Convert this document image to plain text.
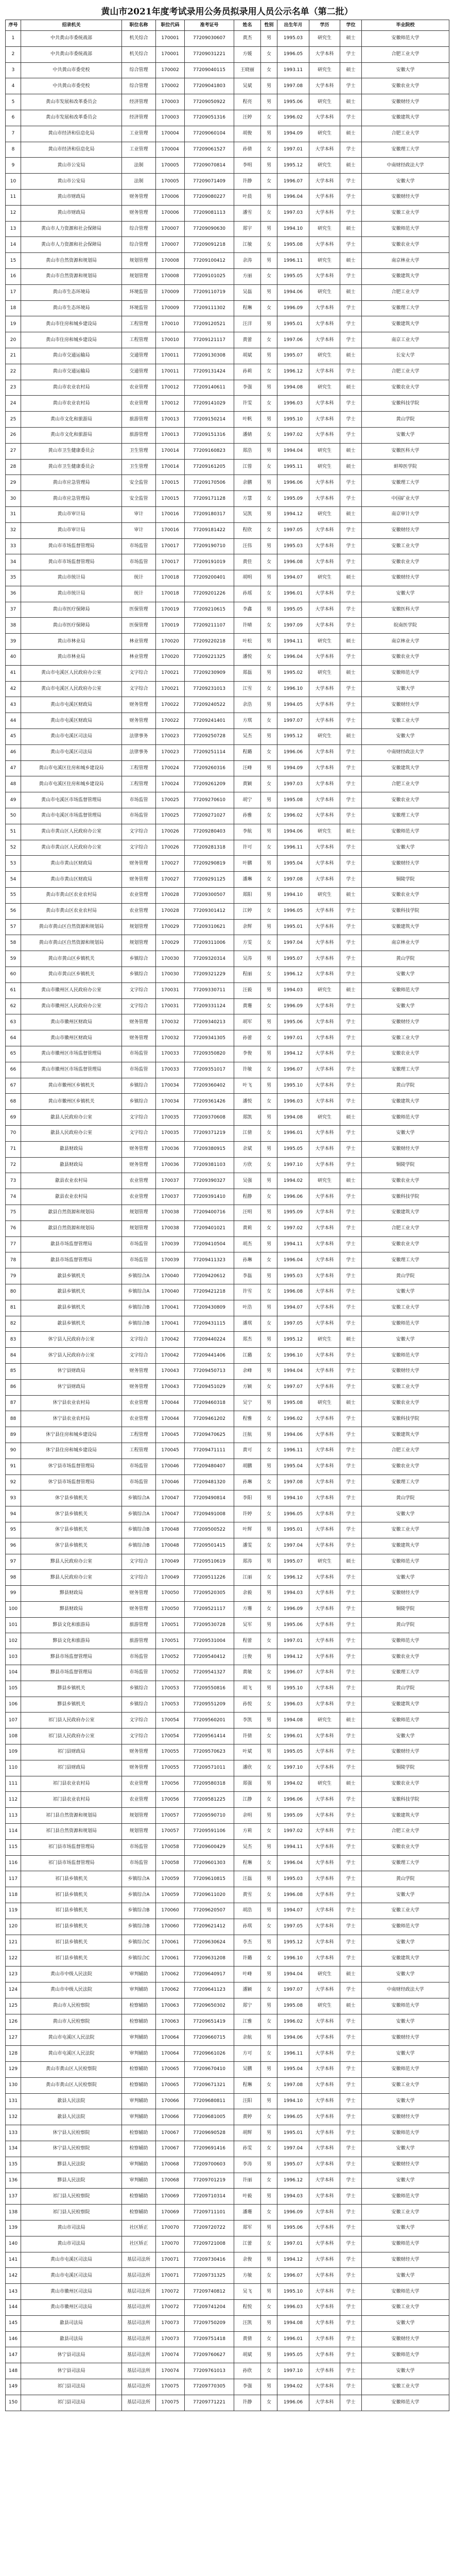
黄山市2021年度考试录用公务员拟录用人员公示名单（第二批）
序号	招录机关	职位名称	职位代码	准考证号	姓名	性别	出生年月	学历	学位	毕业院校
1	中共黄山市委统战部	机关综合	170001	77209030607	黄杰	男	1995.03	研究生	硕士	安徽师范大学
2	中共黄山市委统战部	机关综合	170001	77209031221	方媛	女	1996.05	大学本科	学士	合肥工业大学
3	中共黄山市委党校	综合管理	170002	77209040115	王晓丽	女	1993.11	研究生	硕士	安徽大学
4	中共黄山市委党校	综合管理	170002	77209041803	吴斌	男	1997.08	大学本科	学士	安徽农业大学
5	黄山市发展和改革委员会	经济管理	170003	77209050922	程亮	男	1995.06	研究生	硕士	安徽财经大学
6	黄山市发展和改革委员会	经济管理	170003	77209051316	汪婷	女	1996.02	大学本科	学士	安徽建筑大学
7	黄山市经济和信息化局	工业管理	170004	77209060104	胡俊	男	1994.09	研究生	硕士	合肥工业大学
8	黄山市经济和信息化局	工业管理	170004	77209061527	孙倩	女	1997.01	大学本科	学士	安徽理工大学
9	黄山市公安局	法制	170005	77209070814	李明	男	1995.12	研究生	硕士	中南财经政法大学
10	黄山市公安局	法制	170005	77209071409	许静	女	1996.07	大学本科	学士	安徽大学
11	黄山市财政局	财务管理	170006	77209080227	叶晨	男	1996.04	大学本科	学士	安徽财经大学
12	黄山市财政局	财务管理	170006	77209081113	潘雪	女	1997.03	大学本科	学士	安徽工业大学
13	黄山市人力资源和社会保障局	综合管理	170007	77209090630	郑宇	男	1994.10	研究生	硕士	安徽师范大学
14	黄山市人力资源和社会保障局	综合管理	170007	77209091218	江敏	女	1995.08	大学本科	学士	安徽农业大学
15	黄山市自然资源和规划局	规划管理	170008	77209100412	余涛	男	1996.11	研究生	硕士	南京林业大学
16	黄山市自然资源和规划局	规划管理	170008	77209101025	方丽	女	1995.05	大学本科	学士	安徽建筑大学
17	黄山市生态环境局	环境监管	170009	77209110719	吴磊	男	1994.06	研究生	硕士	合肥工业大学
18	黄山市生态环境局	环境监管	170009	77209111302	程琳	女	1996.09	大学本科	学士	安徽理工大学
19	黄山市住房和城乡建设局	工程管理	170010	77209120521	汪洋	男	1995.01	大学本科	学士	安徽建筑大学
20	黄山市住房和城乡建设局	工程管理	170010	77209121117	黄蕾	女	1997.06	大学本科	学士	南京工业大学
21	黄山市交通运输局	交通管理	170011	77209130308	胡斌	男	1995.07	研究生	硕士	长安大学
22	黄山市交通运输局	交通管理	170011	77209131424	孙莉	女	1996.12	大学本科	学士	合肥工业大学
23	黄山市农业农村局	农业管理	170012	77209140611	李强	男	1994.08	研究生	硕士	安徽农业大学
24	黄山市农业农村局	农业管理	170012	77209141029	许雯	女	1996.03	大学本科	学士	安徽科技学院
25	黄山市文化和旅游局	旅游管理	170013	77209150214	叶帆	男	1995.10	大学本科	学士	黄山学院
26	黄山市文化和旅游局	旅游管理	170013	77209151316	潘婧	女	1997.02	大学本科	学士	安徽大学
27	黄山市卫生健康委员会	卫生管理	170014	77209160823	郑浩	男	1994.04	研究生	硕士	安徽医科大学
28	黄山市卫生健康委员会	卫生管理	170014	77209161205	江蓉	女	1995.11	研究生	硕士	蚌埠医学院
29	黄山市应急管理局	安全监管	170015	77209170506	余鹏	男	1996.06	大学本科	学士	安徽理工大学
30	黄山市应急管理局	安全监管	170015	77209171128	方慧	女	1995.09	大学本科	学士	中国矿业大学
31	黄山市审计局	审计	170016	77209180317	吴凯	男	1994.12	研究生	硕士	南京审计大学
32	黄山市审计局	审计	170016	77209181422	程欣	女	1997.05	大学本科	学士	安徽财经大学
33	黄山市市场监督管理局	市场监管	170017	77209190710	汪伟	男	1995.03	大学本科	学士	安徽工业大学
34	黄山市市场监督管理局	市场监管	170017	77209191019	黄佳	女	1996.08	大学本科	学士	安徽农业大学
35	黄山市统计局	统计	170018	77209200401	胡明	男	1994.07	研究生	硕士	安徽财经大学
36	黄山市统计局	统计	170018	77209201226	孙瑶	女	1996.01	大学本科	学士	安徽大学
37	黄山市医疗保障局	医保管理	170019	77209210615	李鑫	男	1995.05	大学本科	学士	安徽医科大学
38	黄山市医疗保障局	医保管理	170019	77209211107	许晴	女	1997.09	大学本科	学士	皖南医学院
39	黄山市林业局	林业管理	170020	77209220218	叶松	男	1994.11	研究生	硕士	南京林业大学
40	黄山市林业局	林业管理	170020	77209221325	潘悦	女	1996.04	大学本科	学士	安徽农业大学
41	黄山市屯溪区人民政府办公室	文字综合	170021	77209230909	郑磊	男	1995.02	研究生	硕士	安徽师范大学
42	黄山市屯溪区人民政府办公室	文字综合	170021	77209231013	江雪	女	1996.10	大学本科	学士	安徽大学
43	黄山市屯溪区财政局	财务管理	170022	77209240522	余浩	男	1994.05	大学本科	学士	安徽财经大学
44	黄山市屯溪区财政局	财务管理	170022	77209241401	方琪	女	1997.07	大学本科	学士	安徽工业大学
45	黄山市屯溪区司法局	法律事务	170023	77209250728	吴杰	男	1995.12	研究生	硕士	安徽大学
46	黄山市屯溪区司法局	法律事务	170023	77209251114	程璐	女	1996.06	大学本科	学士	中南财经政法大学
47	黄山市屯溪区住房和城乡建设局	工程管理	170024	77209260316	汪峰	男	1994.09	大学本科	学士	安徽建筑大学
48	黄山市屯溪区住房和城乡建设局	工程管理	170024	77209261209	黄颖	女	1997.03	大学本科	学士	合肥工业大学
49	黄山市屯溪区市场监督管理局	市场监管	170025	77209270610	胡宁	男	1995.08	大学本科	学士	安徽农业大学
50	黄山市屯溪区市场监督管理局	市场监管	170025	77209271027	孙雅	女	1996.02	大学本科	学士	安徽理工大学
51	黄山市黄山区人民政府办公室	文字综合	170026	77209280403	李航	男	1994.06	研究生	硕士	安徽师范大学
52	黄山市黄山区人民政府办公室	文字综合	170026	77209281318	许可	女	1996.11	大学本科	学士	安徽大学
53	黄山市黄山区财政局	财务管理	170027	77209290819	叶鹏	男	1995.04	大学本科	学士	安徽财经大学
54	黄山市黄山区财政局	财务管理	170027	77209291125	潘琳	女	1997.08	大学本科	学士	铜陵学院
55	黄山市黄山区农业农村局	农业管理	170028	77209300507	郑阳	男	1994.10	研究生	硕士	安徽农业大学
56	黄山市黄山区农业农村局	农业管理	170028	77209301412	江婷	女	1996.05	大学本科	学士	安徽科技学院
57	黄山市黄山区自然资源和规划局	规划管理	170029	77209310621	余辉	男	1995.01	大学本科	学士	安徽建筑大学
58	黄山市黄山区自然资源和规划局	规划管理	170029	77209311006	方雯	女	1997.04	大学本科	学士	南京林业大学
59	黄山市黄山区乡镇机关	乡镇综合	170030	77209320314	吴涛	男	1995.07	大学本科	学士	黄山学院
60	黄山市黄山区乡镇机关	乡镇综合	170030	77209321229	程丽	女	1996.12	大学本科	学士	安徽大学
61	黄山市徽州区人民政府办公室	文字综合	170031	77209330711	汪毅	男	1994.03	研究生	硕士	安徽师范大学
62	黄山市徽州区人民政府办公室	文字综合	170031	77209331124	黄珊	女	1996.09	大学本科	学士	安徽大学
63	黄山市徽州区财政局	财务管理	170032	77209340213	胡军	男	1995.06	大学本科	学士	安徽财经大学
64	黄山市徽州区财政局	财务管理	170032	77209341305	孙蕾	女	1997.01	大学本科	学士	安徽工业大学
65	黄山市徽州区市场监督管理局	市场监管	170033	77209350820	李俊	男	1994.12	大学本科	学士	安徽农业大学
66	黄山市徽州区市场监督管理局	市场监管	170033	77209351017	许敏	女	1996.07	大学本科	学士	安徽理工大学
67	黄山市徽州区乡镇机关	乡镇综合	170034	77209360402	叶飞	男	1995.10	大学本科	学士	黄山学院
68	黄山市徽州区乡镇机关	乡镇综合	170034	77209361426	潘悦	女	1996.03	大学本科	学士	安徽建筑大学
69	歙县人民政府办公室	文字综合	170035	77209370608	郑凯	男	1994.08	研究生	硕士	安徽师范大学
70	歙县人民政府办公室	文字综合	170035	77209371219	江倩	女	1996.01	大学本科	学士	安徽大学
71	歙县财政局	财务管理	170036	77209380915	余斌	男	1995.05	大学本科	学士	安徽财经大学
72	歙县财政局	财务管理	170036	77209381103	方欣	女	1997.10	大学本科	学士	铜陵学院
73	歙县农业农村局	农业管理	170037	77209390327	吴强	男	1994.02	研究生	硕士	安徽农业大学
74	歙县农业农村局	农业管理	170037	77209391410	程静	女	1996.06	大学本科	学士	安徽科技学院
75	歙县自然资源和规划局	规划管理	170038	77209400716	汪明	男	1995.09	大学本科	学士	安徽建筑大学
76	歙县自然资源和规划局	规划管理	170038	77209401021	黄莉	女	1997.02	大学本科	学士	合肥工业大学
77	歙县市场监督管理局	市场监管	170039	77209410504	胡杰	男	1994.11	大学本科	学士	安徽农业大学
78	歙县市场监督管理局	市场监管	170039	77209411323	孙琳	女	1996.04	大学本科	学士	安徽理工大学
79	歙县乡镇机关	乡镇综合A	170040	77209420612	李磊	男	1995.03	大学本科	学士	黄山学院
80	歙县乡镇机关	乡镇综合A	170040	77209421218	许雪	女	1996.08	大学本科	学士	安徽大学
81	歙县乡镇机关	乡镇综合B	170041	77209430809	叶浩	男	1994.07	大学本科	学士	安徽工业大学
82	歙县乡镇机关	乡镇综合B	170041	77209431115	潘琪	女	1997.05	大学本科	学士	安徽师范大学
83	休宁县人民政府办公室	文字综合	170042	77209440224	郑杰	男	1995.12	研究生	硕士	安徽大学
84	休宁县人民政府办公室	文字综合	170042	77209441406	江璐	女	1996.10	大学本科	学士	安徽师范大学
85	休宁县财政局	财务管理	170043	77209450713	余峰	男	1994.04	大学本科	学士	安徽财经大学
86	休宁县财政局	财务管理	170043	77209451029	方颖	女	1997.07	大学本科	学士	安徽工业大学
87	休宁县农业农村局	农业管理	170044	77209460318	吴宁	男	1995.08	研究生	硕士	安徽农业大学
88	休宁县农业农村局	农业管理	170044	77209461202	程雅	女	1996.02	大学本科	学士	安徽科技学院
89	休宁县住房和城乡建设局	工程管理	170045	77209470625	汪航	男	1994.06	大学本科	学士	安徽建筑大学
90	休宁县住房和城乡建设局	工程管理	170045	77209471111	黄可	女	1996.11	大学本科	学士	合肥工业大学
91	休宁县市场监督管理局	市场监管	170046	77209480407	胡鹏	男	1995.04	大学本科	学士	安徽农业大学
92	休宁县市场监督管理局	市场监管	170046	77209481320	孙琳	女	1997.08	大学本科	学士	安徽理工大学
93	休宁县乡镇机关	乡镇综合A	170047	77209490814	李阳	男	1994.10	大学本科	学士	黄山学院
94	休宁县乡镇机关	乡镇综合A	170047	77209491008	许婷	女	1996.05	大学本科	学士	安徽大学
95	休宁县乡镇机关	乡镇综合B	170048	77209500522	叶辉	男	1995.01	大学本科	学士	安徽工业大学
96	休宁县乡镇机关	乡镇综合B	170048	77209501415	潘雯	女	1997.04	大学本科	学士	安徽建筑大学
97	黟县人民政府办公室	文字综合	170049	77209510619	郑涛	男	1995.07	研究生	硕士	安徽师范大学
98	黟县人民政府办公室	文字综合	170049	77209511226	江丽	女	1996.12	大学本科	学士	安徽大学
99	黟县财政局	财务管理	170050	77209520305	余毅	男	1994.03	大学本科	学士	安徽财经大学
100	黟县财政局	财务管理	170050	77209521117	方珊	女	1996.09	大学本科	学士	铜陵学院
101	黟县文化和旅游局	旅游管理	170051	77209530728	吴军	男	1995.06	大学本科	学士	黄山学院
102	黟县文化和旅游局	旅游管理	170051	77209531004	程蕾	女	1997.01	大学本科	学士	安徽师范大学
103	黟县市场监督管理局	市场监管	170052	77209540412	汪俊	男	1994.12	大学本科	学士	安徽农业大学
104	黟县市场监督管理局	市场监管	170052	77209541327	黄敏	女	1996.07	大学本科	学士	安徽理工大学
105	黟县乡镇机关	乡镇综合	170053	77209550816	胡飞	男	1995.10	大学本科	学士	黄山学院
106	黟县乡镇机关	乡镇综合	170053	77209551209	孙悦	女	1996.03	大学本科	学士	安徽建筑大学
107	祁门县人民政府办公室	文字综合	170054	77209560201	李凯	男	1994.08	研究生	硕士	安徽师范大学
108	祁门县人民政府办公室	文字综合	170054	77209561414	许倩	女	1996.01	大学本科	学士	安徽大学
109	祁门县财政局	财务管理	170055	77209570623	叶斌	男	1995.05	大学本科	学士	安徽财经大学
110	祁门县财政局	财务管理	170055	77209571011	潘欣	女	1997.10	大学本科	学士	铜陵学院
111	祁门县农业农村局	农业管理	170056	77209580318	郑强	男	1994.02	研究生	硕士	安徽农业大学
112	祁门县农业农村局	农业管理	170056	77209581225	江静	女	1996.06	大学本科	学士	安徽科技学院
113	祁门县自然资源和规划局	规划管理	170057	77209590710	余明	男	1995.09	大学本科	学士	安徽建筑大学
114	祁门县自然资源和规划局	规划管理	170057	77209591106	方莉	女	1997.02	大学本科	学士	合肥工业大学
115	祁门县市场监督管理局	市场监管	170058	77209600429	吴杰	男	1994.11	大学本科	学士	安徽农业大学
116	祁门县市场监督管理局	市场监管	170058	77209601303	程琳	女	1996.04	大学本科	学士	安徽理工大学
117	祁门县乡镇机关	乡镇综合A	170059	77209610815	汪磊	男	1995.03	大学本科	学士	黄山学院
118	祁门县乡镇机关	乡镇综合A	170059	77209611020	黄雪	女	1996.08	大学本科	学士	安徽大学
119	祁门县乡镇机关	乡镇综合B	170060	77209620507	胡浩	男	1994.07	大学本科	学士	安徽工业大学
120	祁门县乡镇机关	乡镇综合B	170060	77209621412	孙琪	女	1997.05	大学本科	学士	安徽师范大学
121	祁门县乡镇机关	乡镇综合C	170061	77209630624	李杰	男	1995.12	大学本科	学士	安徽大学
122	祁门县乡镇机关	乡镇综合C	170061	77209631208	许璐	女	1996.10	大学本科	学士	安徽建筑大学
123	黄山市中级人民法院	审判辅助	170062	77209640917	叶峰	男	1994.04	研究生	硕士	安徽大学
124	黄山市中级人民法院	审判辅助	170062	77209641123	潘颖	女	1997.07	大学本科	学士	中南财经政法大学
125	黄山市人民检察院	检察辅助	170063	77209650302	郑宁	男	1995.08	研究生	硕士	安徽师范大学
126	黄山市人民检察院	检察辅助	170063	77209651419	江雅	女	1996.02	大学本科	学士	安徽大学
127	黄山市屯溪区人民法院	审判辅助	170064	77209660715	余航	男	1994.06	大学本科	学士	安徽财经大学
128	黄山市屯溪区人民法院	审判辅助	170064	77209661026	方可	女	1996.11	大学本科	学士	安徽大学
129	黄山市黄山区人民检察院	检察辅助	170065	77209670410	吴鹏	男	1995.04	大学本科	学士	安徽师范大学
130	黄山市黄山区人民检察院	检察辅助	170065	77209671321	程琳	女	1997.08	大学本科	学士	安徽工业大学
131	歙县人民法院	审判辅助	170066	77209680811	汪阳	男	1994.10	大学本科	学士	安徽大学
132	歙县人民法院	审判辅助	170066	77209681005	黄婷	女	1996.05	大学本科	学士	安徽财经大学
133	休宁县人民检察院	检察辅助	170067	77209690528	胡辉	男	1995.01	大学本科	学士	安徽师范大学
134	休宁县人民检察院	检察辅助	170067	77209691416	孙雯	女	1997.04	大学本科	学士	安徽大学
135	黟县人民法院	审判辅助	170068	77209700603	李涛	男	1995.07	大学本科	学士	安徽财经大学
136	黟县人民法院	审判辅助	170068	77209701219	许丽	女	1996.12	大学本科	学士	安徽大学
137	祁门县人民检察院	检察辅助	170069	77209710314	叶毅	男	1994.03	大学本科	学士	安徽师范大学
138	祁门县人民检察院	检察辅助	170069	77209711101	潘珊	女	1996.09	大学本科	学士	安徽工业大学
139	黄山市司法局	社区矫正	170070	77209720722	郑军	男	1995.06	大学本科	学士	安徽大学
140	黄山市司法局	社区矫正	170070	77209721008	江蕾	女	1997.01	大学本科	学士	安徽师范大学
141	黄山市屯溪区司法局	基层司法所	170071	77209730416	余俊	男	1994.12	大学本科	学士	安徽财经大学
142	黄山市屯溪区司法局	基层司法所	170071	77209731325	方敏	女	1996.07	大学本科	学士	安徽大学
143	黄山市徽州区司法局	基层司法所	170072	77209740812	吴飞	男	1995.10	大学本科	学士	安徽师范大学
144	黄山市徽州区司法局	基层司法所	170072	77209741204	程悦	女	1996.03	大学本科	学士	安徽工业大学
145	歙县司法局	基层司法所	170073	77209750209	汪凯	男	1994.08	大学本科	学士	安徽大学
146	歙县司法局	基层司法所	170073	77209751418	黄倩	女	1996.01	大学本科	学士	安徽财经大学
147	休宁县司法局	基层司法所	170074	77209760627	胡斌	男	1995.05	大学本科	学士	安徽师范大学
148	休宁县司法局	基层司法所	170074	77209761013	孙欣	女	1997.10	大学本科	学士	安徽大学
149	祁门县司法局	基层司法所	170075	77209770305	李强	男	1994.02	大学本科	学士	安徽工业大学
150	祁门县司法局	基层司法所	170075	77209771221	许静	女	1996.06	大学本科	学士	安徽师范大学
